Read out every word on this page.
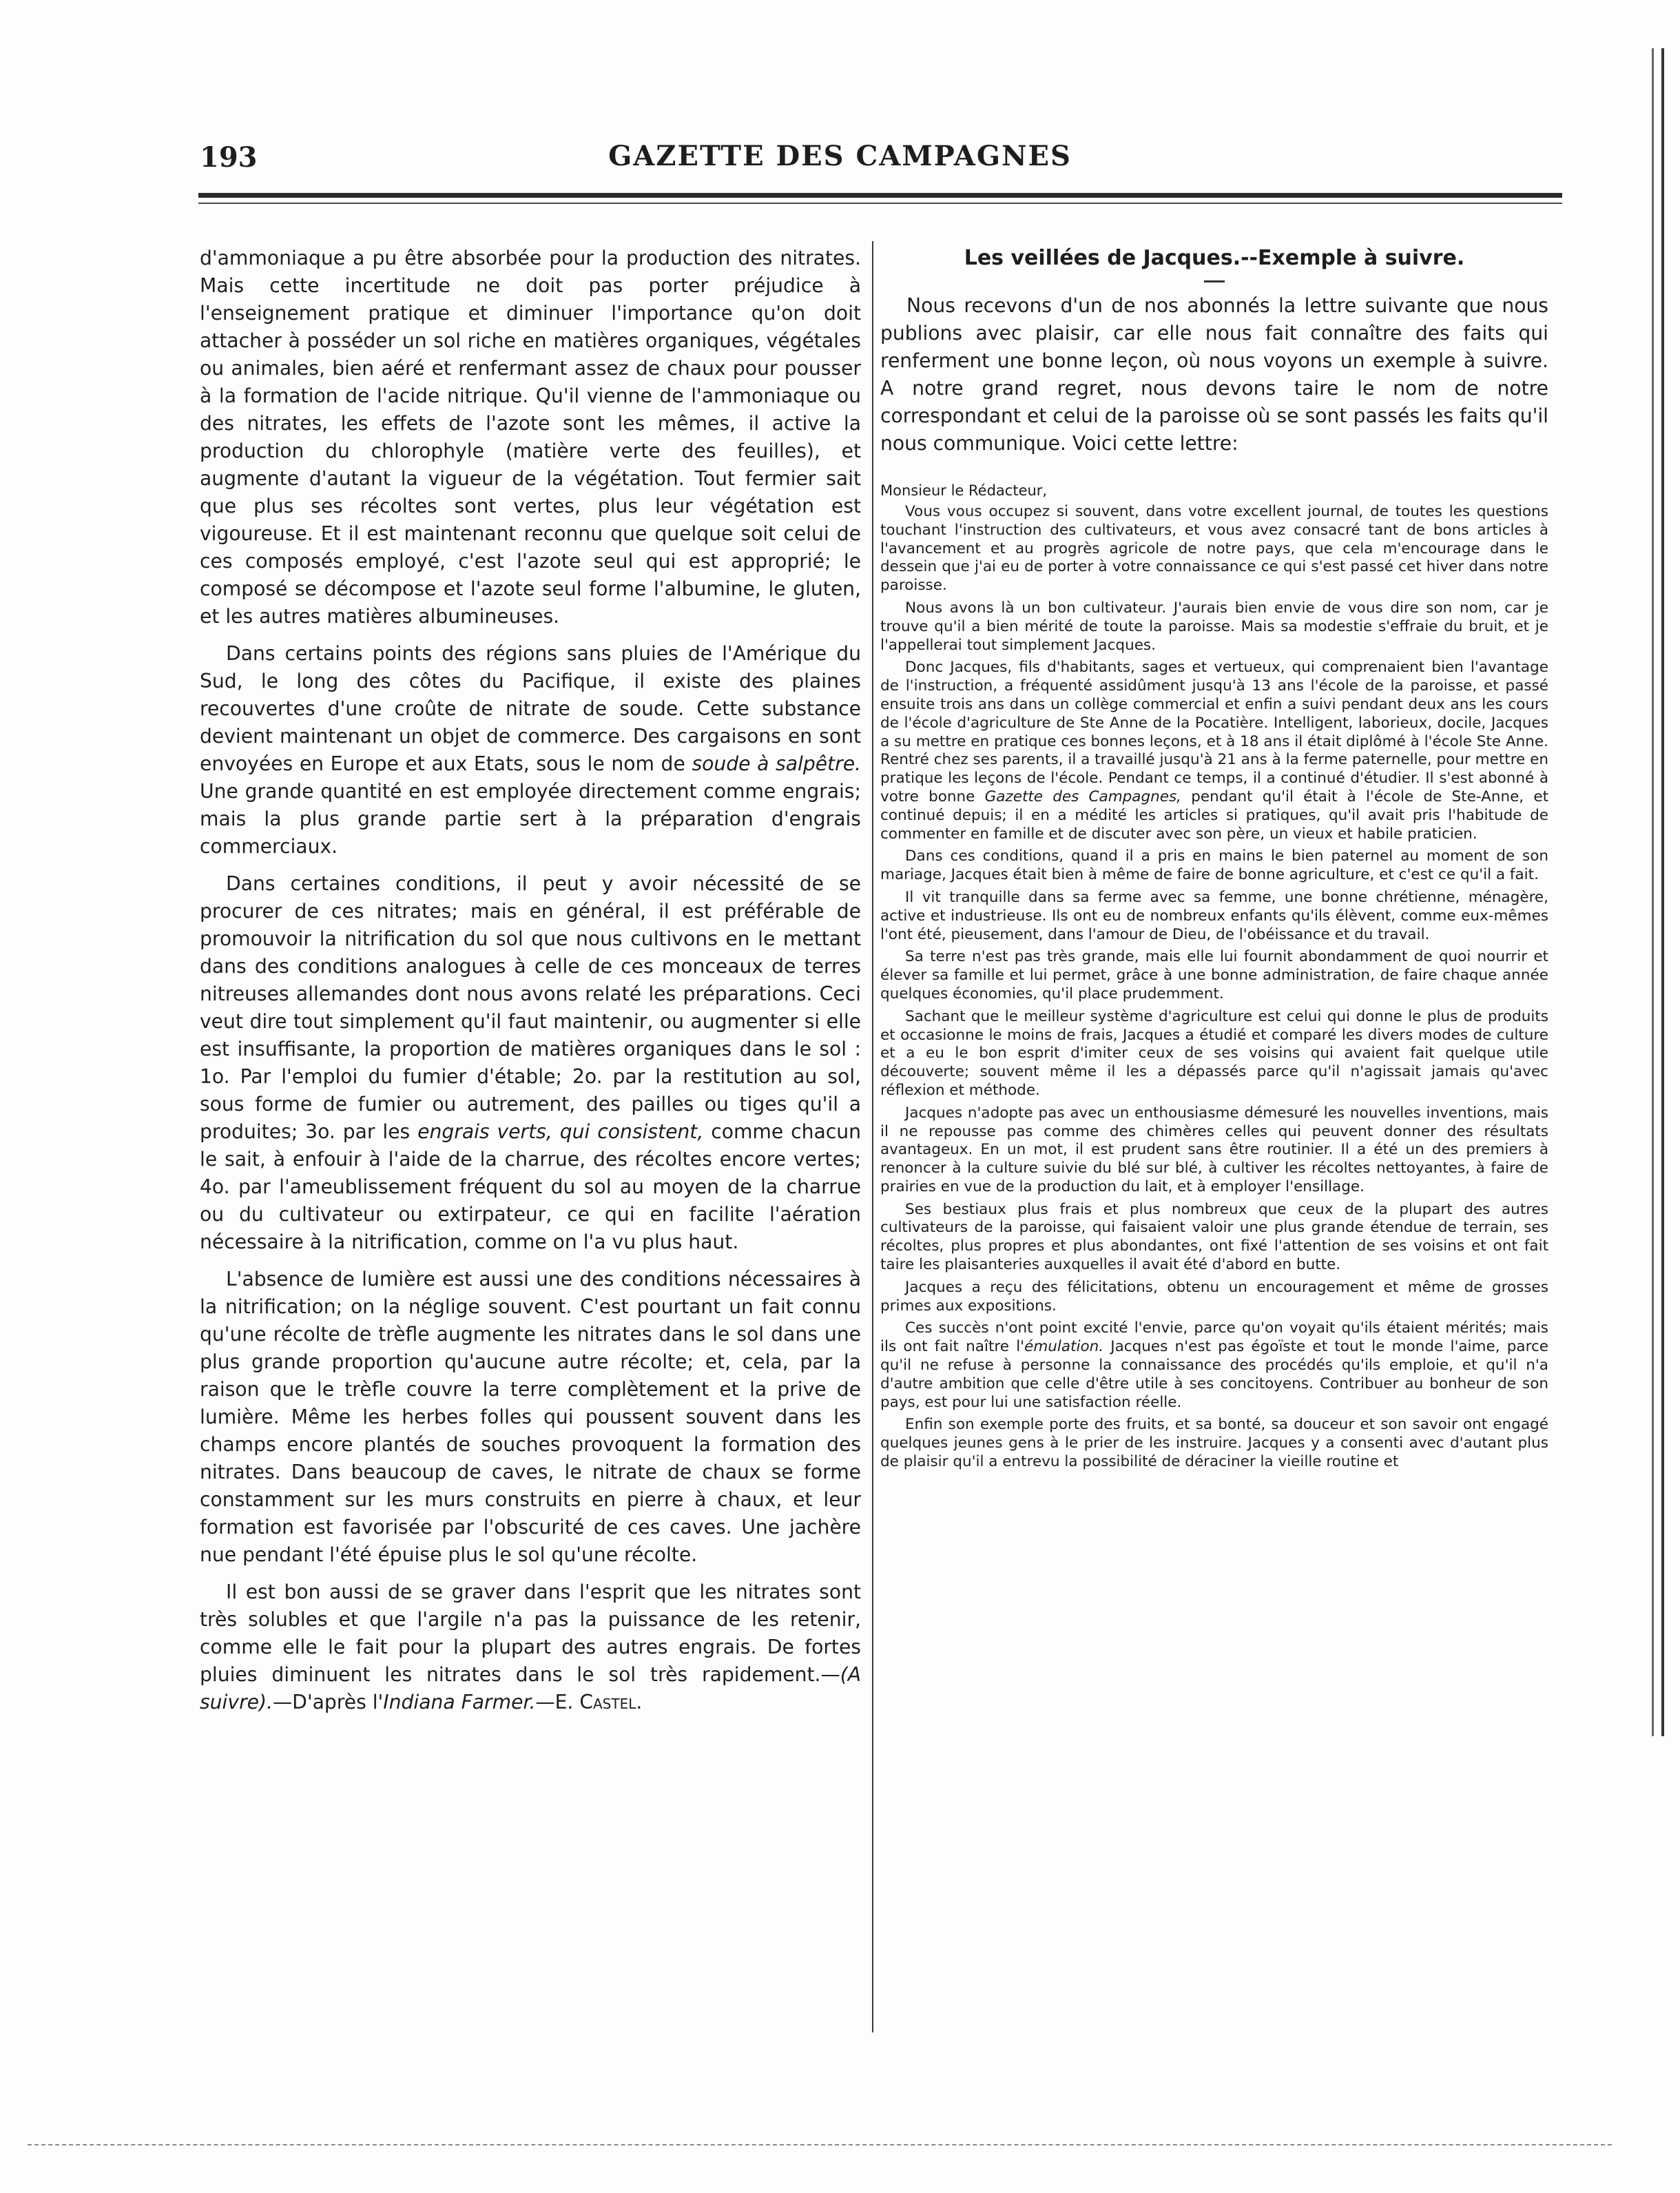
193	GAZETTE DES CAMPAGNES

d'ammoniaque a pu être absorbée pour la production des nitrates. Mais cette incertitude ne doit pas porter préjudice à l'enseignement pratique et diminuer l'importance qu'on doit attacher à posséder un sol riche en matières organiques, végétales ou animales, bien aéré et renfermant assez de chaux pour pousser à la formation de l'acide nitrique. Qu'il vienne de l'ammoniaque ou des nitrates, les effets de l'azote sont les mêmes, il active la production du chlorophyle (matière verte des feuilles), et augmente d'autant la vigueur de la végétation. Tout fermier sait que plus ses récoltes sont vertes, plus leur végétation est vigoureuse. Et il est maintenant reconnu que quelque soit celui de ces composés employé, c'est l'azote seul qui est approprié; le composé se décompose et l'azote seul forme l'albumine, le gluten, et les autres matières albumineuses.

Dans certains points des régions sans pluies de l'Amérique du Sud, le long des côtes du Pacifique, il existe des plaines recouvertes d'une croûte de nitrate de soude. Cette substance devient maintenant un objet de commerce. Des cargaisons en sont envoyées en Europe et aux Etats, sous le nom de soude à salpêtre. Une grande quantité en est employée directement comme engrais; mais la plus grande partie sert à la préparation d'engrais commerciaux.

Dans certaines conditions, il peut y avoir nécessité de se procurer de ces nitrates; mais en général, il est préférable de promouvoir la nitrification du sol que nous cultivons en le mettant dans des conditions analogues à celle de ces monceaux de terres nitreuses allemandes dont nous avons relaté les préparations. Ceci veut dire tout simplement qu'il faut maintenir, ou augmenter si elle est insuffisante, la proportion de matières organiques dans le sol : 1o. Par l'emploi du fumier d'étable; 2o. par la restitution au sol, sous forme de fumier ou autrement, des pailles ou tiges qu'il a produites; 3o. par les engrais verts, qui consistent, comme chacun le sait, à enfouir à l'aide de la charrue, des récoltes encore vertes; 4o. par l'ameublissement fréquent du sol au moyen de la charrue ou du cultivateur ou extirpateur, ce qui en facilite l'aération nécessaire à la nitrification, comme on l'a vu plus haut.

L'absence de lumière est aussi une des conditions nécessaires à la nitrification; on la néglige souvent. C'est pourtant un fait connu qu'une récolte de trèfle augmente les nitrates dans le sol dans une plus grande proportion qu'aucune autre récolte; et, cela, par la raison que le trèfle couvre la terre complètement et la prive de lumière. Même les herbes folles qui poussent souvent dans les champs encore plantés de souches provoquent la formation des nitrates. Dans beaucoup de caves, le nitrate de chaux se forme constamment sur les murs construits en pierre à chaux, et leur formation est favorisée par l'obscurité de ces caves. Une jachère nue pendant l'été épuise plus le sol qu'une récolte.

Il est bon aussi de se graver dans l'esprit que les nitrates sont très solubles et que l'argile n'a pas la puissance de les retenir, comme elle le fait pour la plupart des autres engrais. De fortes pluies diminuent les nitrates dans le sol très rapidement.—(A suivre).—D'après l'Indiana Farmer.—E. Castel.

Les veillées de Jacques.--Exemple à suivre.

Nous recevons d'un de nos abonnés la lettre suivante que nous publions avec plaisir, car elle nous fait connaître des faits qui renferment une bonne leçon, où nous voyons un exemple à suivre. A notre grand regret, nous devons taire le nom de notre correspondant et celui de la paroisse où se sont passés les faits qu'il nous communique. Voici cette lettre:

Monsieur le Rédacteur,

Vous vous occupez si souvent, dans votre excellent journal, de toutes les questions touchant l'instruction des cultivateurs, et vous avez consacré tant de bons articles à l'avancement et au progrès agricole de notre pays, que cela m'encourage dans le dessein que j'ai eu de porter à votre connaissance ce qui s'est passé cet hiver dans notre paroisse.

Nous avons là un bon cultivateur. J'aurais bien envie de vous dire son nom, car je trouve qu'il a bien mérité de toute la paroisse. Mais sa modestie s'effraie du bruit, et je l'appellerai tout simplement Jacques.

Donc Jacques, fils d'habitants, sages et vertueux, qui comprenaient bien l'avantage de l'instruction, a fréquenté assidûment jusqu'à 13 ans l'école de la paroisse, et passé ensuite trois ans dans un collège commercial et enfin a suivi pendant deux ans les cours de l'école d'agriculture de Ste Anne de la Pocatière. Intelligent, laborieux, docile, Jacques a su mettre en pratique ces bonnes leçons, et à 18 ans il était diplômé à l'école Ste Anne. Rentré chez ses parents, il a travaillé jusqu'à 21 ans à la ferme paternelle, pour mettre en pratique les leçons de l'école. Pendant ce temps, il a continué d'étudier. Il s'est abonné à votre bonne Gazette des Campagnes, pendant qu'il était à l'école de Ste-Anne, et continué depuis; il en a médité les articles si pratiques, qu'il avait pris l'habitude de commenter en famille et de discuter avec son père, un vieux et habile praticien.

Dans ces conditions, quand il a pris en mains le bien paternel au moment de son mariage, Jacques était bien à même de faire de bonne agriculture, et c'est ce qu'il a fait.

Il vit tranquille dans sa ferme avec sa femme, une bonne chrétienne, ménagère, active et industrieuse. Ils ont eu de nombreux enfants qu'ils élèvent, comme eux-mêmes l'ont été, pieusement, dans l'amour de Dieu, de l'obéissance et du travail.

Sa terre n'est pas très grande, mais elle lui fournit abondamment de quoi nourrir et élever sa famille et lui permet, grâce à une bonne administration, de faire chaque année quelques économies, qu'il place prudemment.

Sachant que le meilleur système d'agriculture est celui qui donne le plus de produits et occasionne le moins de frais, Jacques a étudié et comparé les divers modes de culture et a eu le bon esprit d'imiter ceux de ses voisins qui avaient fait quelque utile découverte; souvent même il les a dépassés parce qu'il n'agissait jamais qu'avec réflexion et méthode.

Jacques n'adopte pas avec un enthousiasme démesuré les nouvelles inventions, mais il ne repousse pas comme des chimères celles qui peuvent donner des résultats avantageux. En un mot, il est prudent sans être routinier. Il a été un des premiers à renoncer à la culture suivie du blé sur blé, à cultiver les récoltes nettoyantes, à faire de prairies en vue de la production du lait, et à employer l'ensillage.

Ses bestiaux plus frais et plus nombreux que ceux de la plupart des autres cultivateurs de la paroisse, qui faisaient valoir une plus grande étendue de terrain, ses récoltes, plus propres et plus abondantes, ont fixé l'attention de ses voisins et ont fait taire les plaisanteries auxquelles il avait été d'abord en butte.

Jacques a reçu des félicitations, obtenu un encouragement et même de grosses primes aux expositions.

Ces succès n'ont point excité l'envie, parce qu'on voyait qu'ils étaient mérités; mais ils ont fait naître l'émulation. Jacques n'est pas égoïste et tout le monde l'aime, parce qu'il ne refuse à personne la connaissance des procédés qu'ils emploie, et qu'il n'a d'autre ambition que celle d'être utile à ses concitoyens. Contribuer au bonheur de son pays, est pour lui une satisfaction réelle.

Enfin son exemple porte des fruits, et sa bonté, sa douceur et son savoir ont engagé quelques jeunes gens à le prier de les instruire. Jacques y a consenti avec d'autant plus de plaisir qu'il a entrevu la possibilité de déraciner la vieille routine et
